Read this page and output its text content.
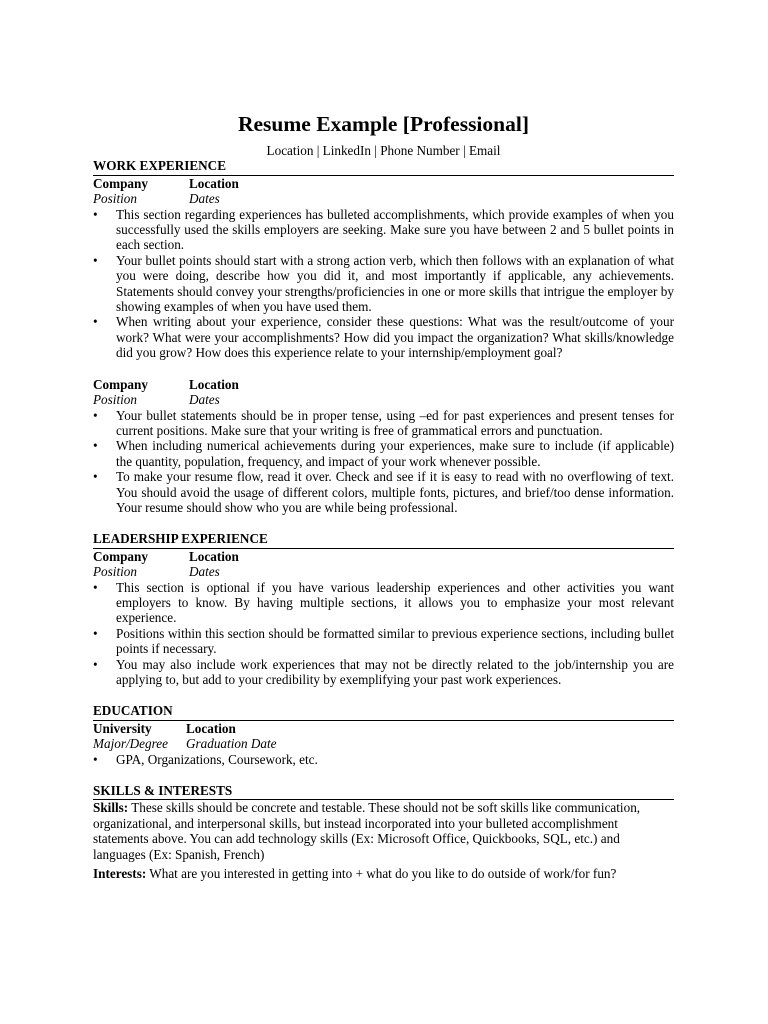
Resume Example [Professional]
Location | LinkedIn | Phone Number | Email
WORK EXPERIENCE
Company	Location
Position	Dates
• This section regarding experiences has bulleted accomplishments, which provide examples of when you successfully used the skills employers are seeking. Make sure you have between 2 and 5 bullet points in each section.
• Your bullet points should start with a strong action verb, which then follows with an explanation of what you were doing, describe how you did it, and most importantly if applicable, any achievements. Statements should convey your strengths/proficiencies in one or more skills that intrigue the employer by showing examples of when you have used them.
• When writing about your experience, consider these questions: What was the result/outcome of your work? What were your accomplishments? How did you impact the organization? What skills/knowledge did you grow? How does this experience relate to your internship/employment goal?
Company	Location
Position	Dates
• Your bullet statements should be in proper tense, using –ed for past experiences and present tenses for current positions. Make sure that your writing is free of grammatical errors and punctuation.
• When including numerical achievements during your experiences, make sure to include (if applicable) the quantity, population, frequency, and impact of your work whenever possible.
• To make your resume flow, read it over. Check and see if it is easy to read with no overflowing of text. You should avoid the usage of different colors, multiple fonts, pictures, and brief/too dense information. Your resume should show who you are while being professional.
LEADERSHIP EXPERIENCE
Company	Location
Position	Dates
• This section is optional if you have various leadership experiences and other activities you want employers to know. By having multiple sections, it allows you to emphasize your most relevant experience.
• Positions within this section should be formatted similar to previous experience sections, including bullet points if necessary.
• You may also include work experiences that may not be directly related to the job/internship you are applying to, but add to your credibility by exemplifying your past work experiences.
EDUCATION
University	Location
Major/Degree	Graduation Date
• GPA, Organizations, Coursework, etc.
SKILLS & INTERESTS

Skills: These skills should be concrete and testable. These should not be soft skills like communication, organizational, and interpersonal skills, but instead incorporated into your bulleted accomplishment statements above. You can add technology skills (Ex: Microsoft Office, Quickbooks, SQL, etc.) and languages (Ex: Spanish, French)

Interests: What are you interested in getting into + what do you like to do outside of work/for fun?
